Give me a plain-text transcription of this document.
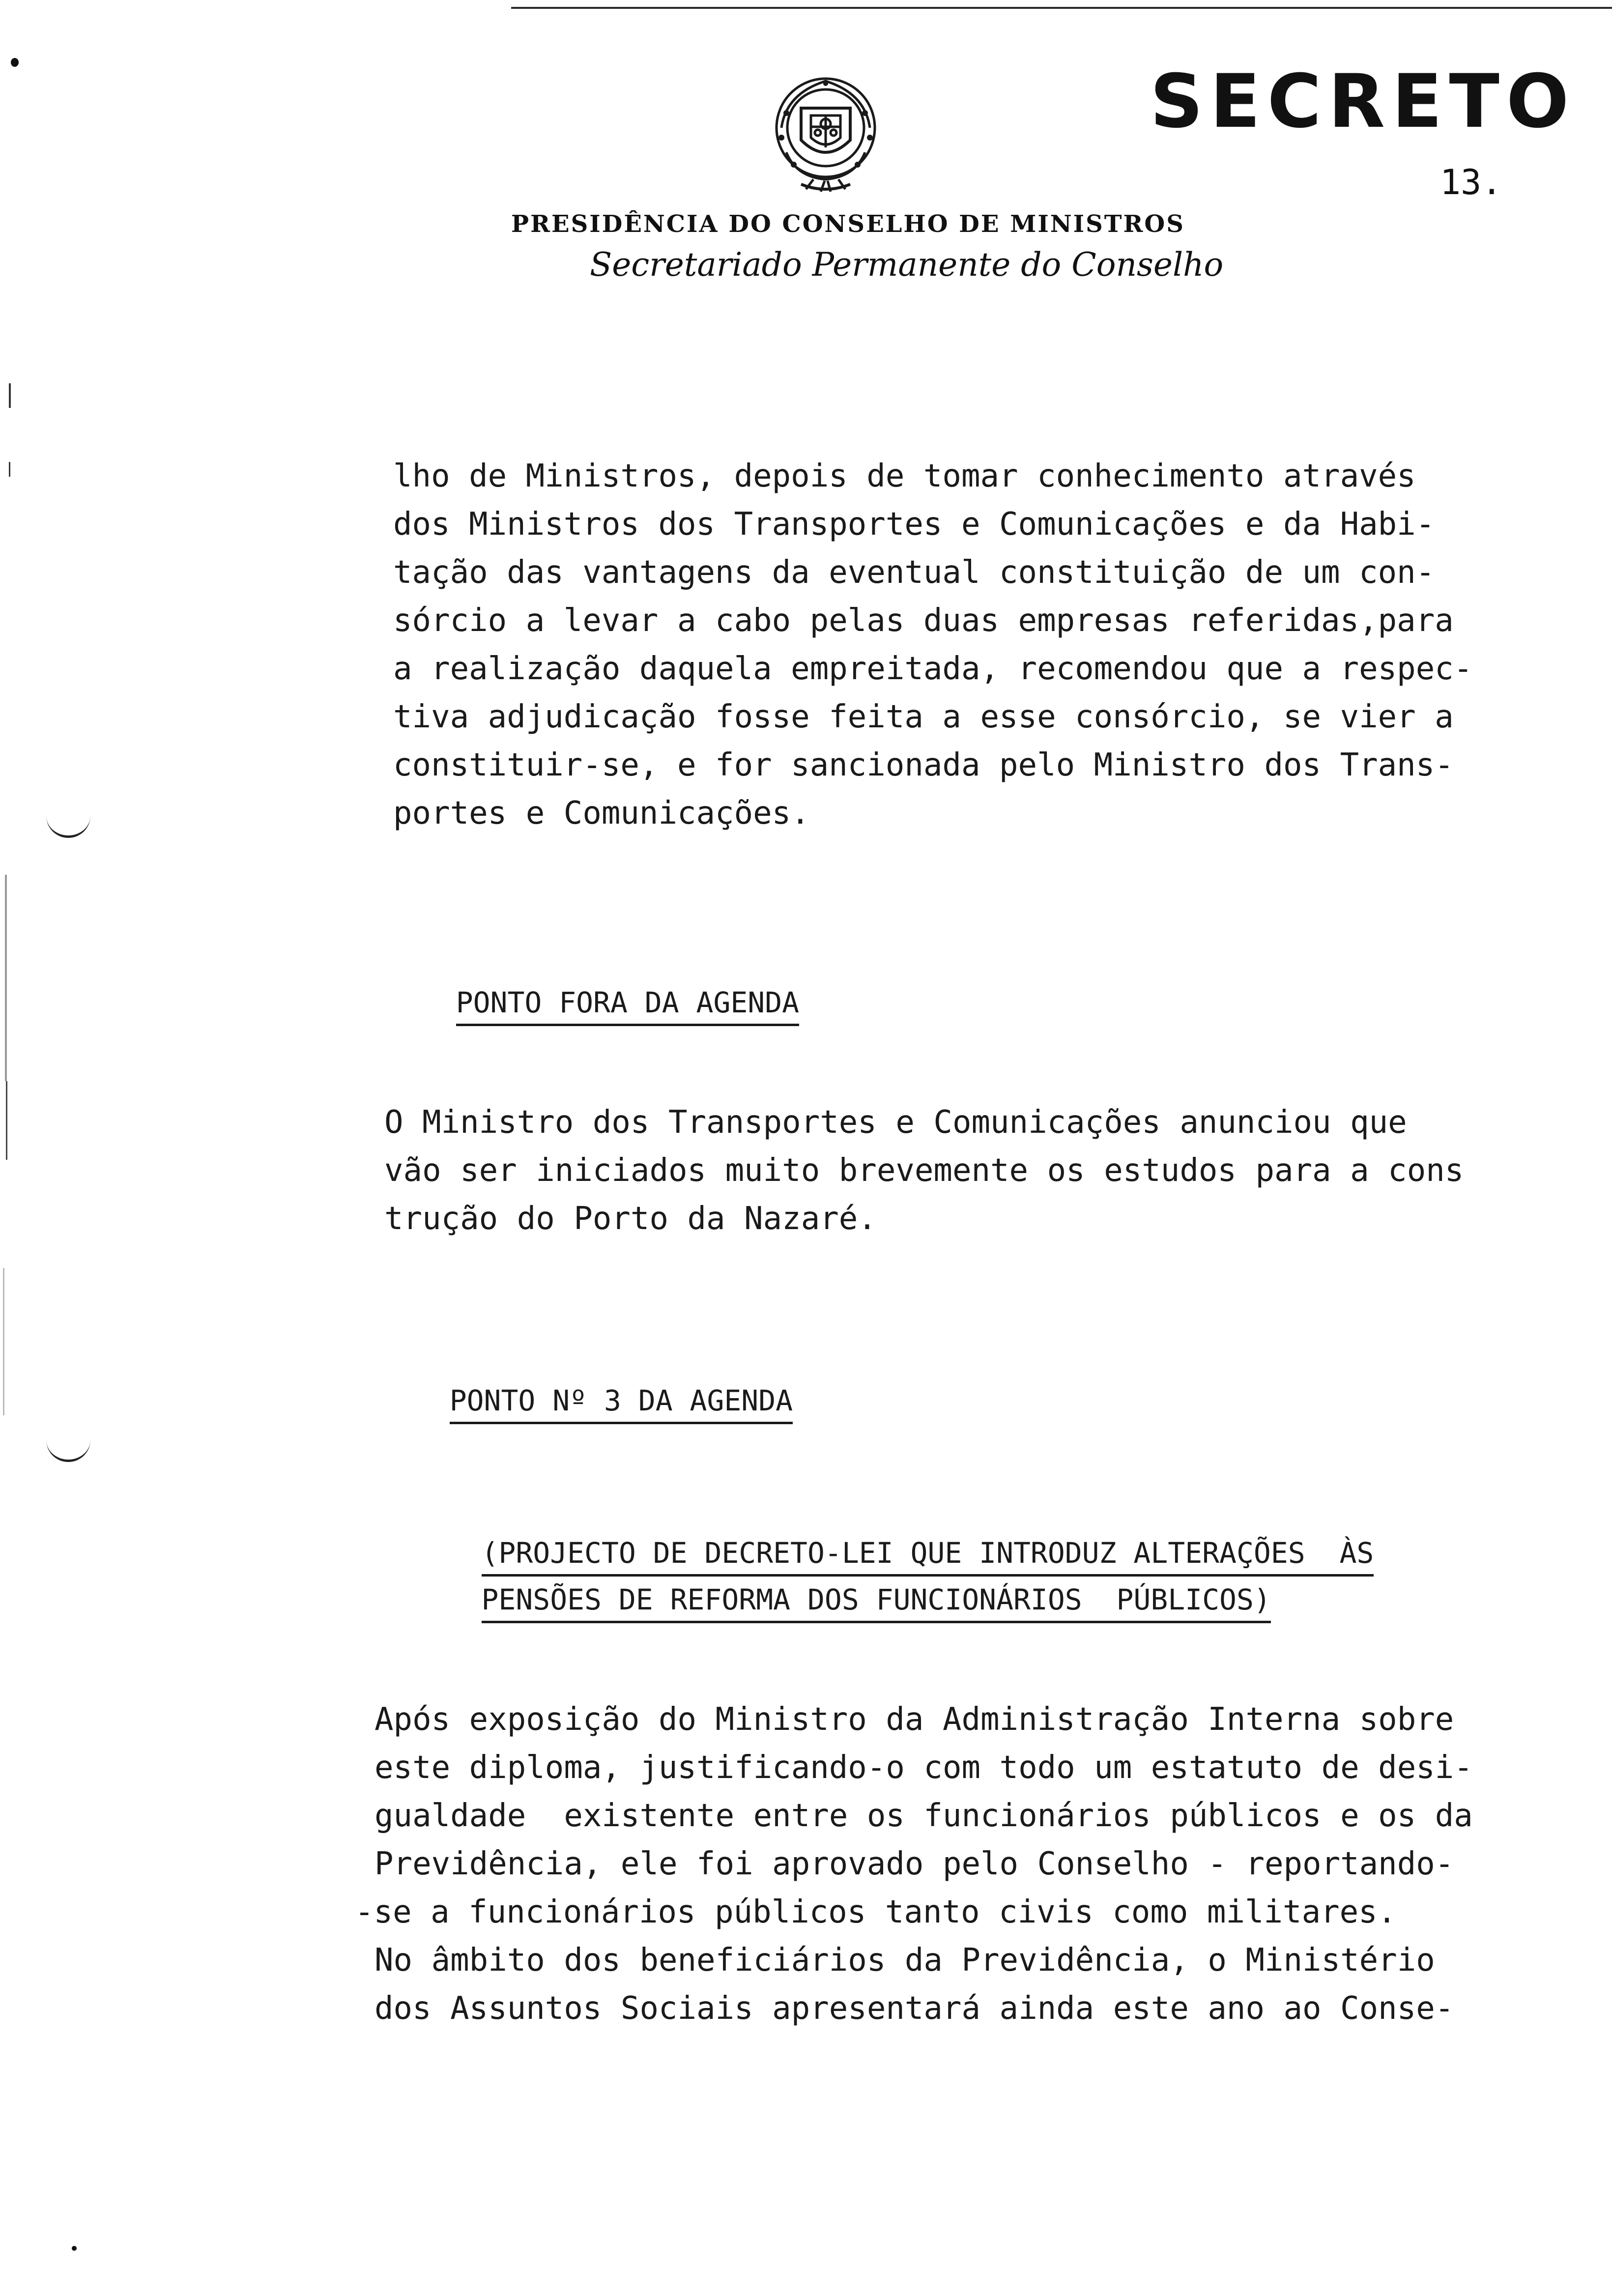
SECRETO
13.
PRESIDÊNCIA DO CONSELHO DE MINISTROS
Secretariado Permanente do Conselho

lho de Ministros, depois de tomar conhecimento através

dos Ministros dos Transportes e Comunicações e da Habi-

tação das vantagens da eventual constituição de um con-

sórcio a levar a cabo pelas duas empresas referidas,para

a realização daquela empreitada, recomendou que a respec-

tiva adjudicação fosse feita a esse consórcio, se vier a

constituir-se, e for sancionada pelo Ministro dos Trans-

portes e Comunicações.

PONTO FORA DA AGENDA

O Ministro dos Transportes e Comunicações anunciou que

vão ser iniciados muito brevemente os estudos para a cons

trução do Porto da Nazaré.

PONTO Nº 3 DA AGENDA

(PROJECTO DE DECRETO-LEI QUE INTRODUZ ALTERAÇÕES  ÀS

PENSÕES DE REFORMA DOS FUNCIONÁRIOS  PÚBLICOS)

Após exposição do Ministro da Administração Interna sobre

este diploma, justificando-o com todo um estatuto de desi-

gualdade  existente entre os funcionários públicos e os da

Previdência, ele foi aprovado pelo Conselho - reportando-

-se a funcionários públicos tanto civis como militares.

No âmbito dos beneficiários da Previdência, o Ministério

dos Assuntos Sociais apresentará ainda este ano ao Conse-
